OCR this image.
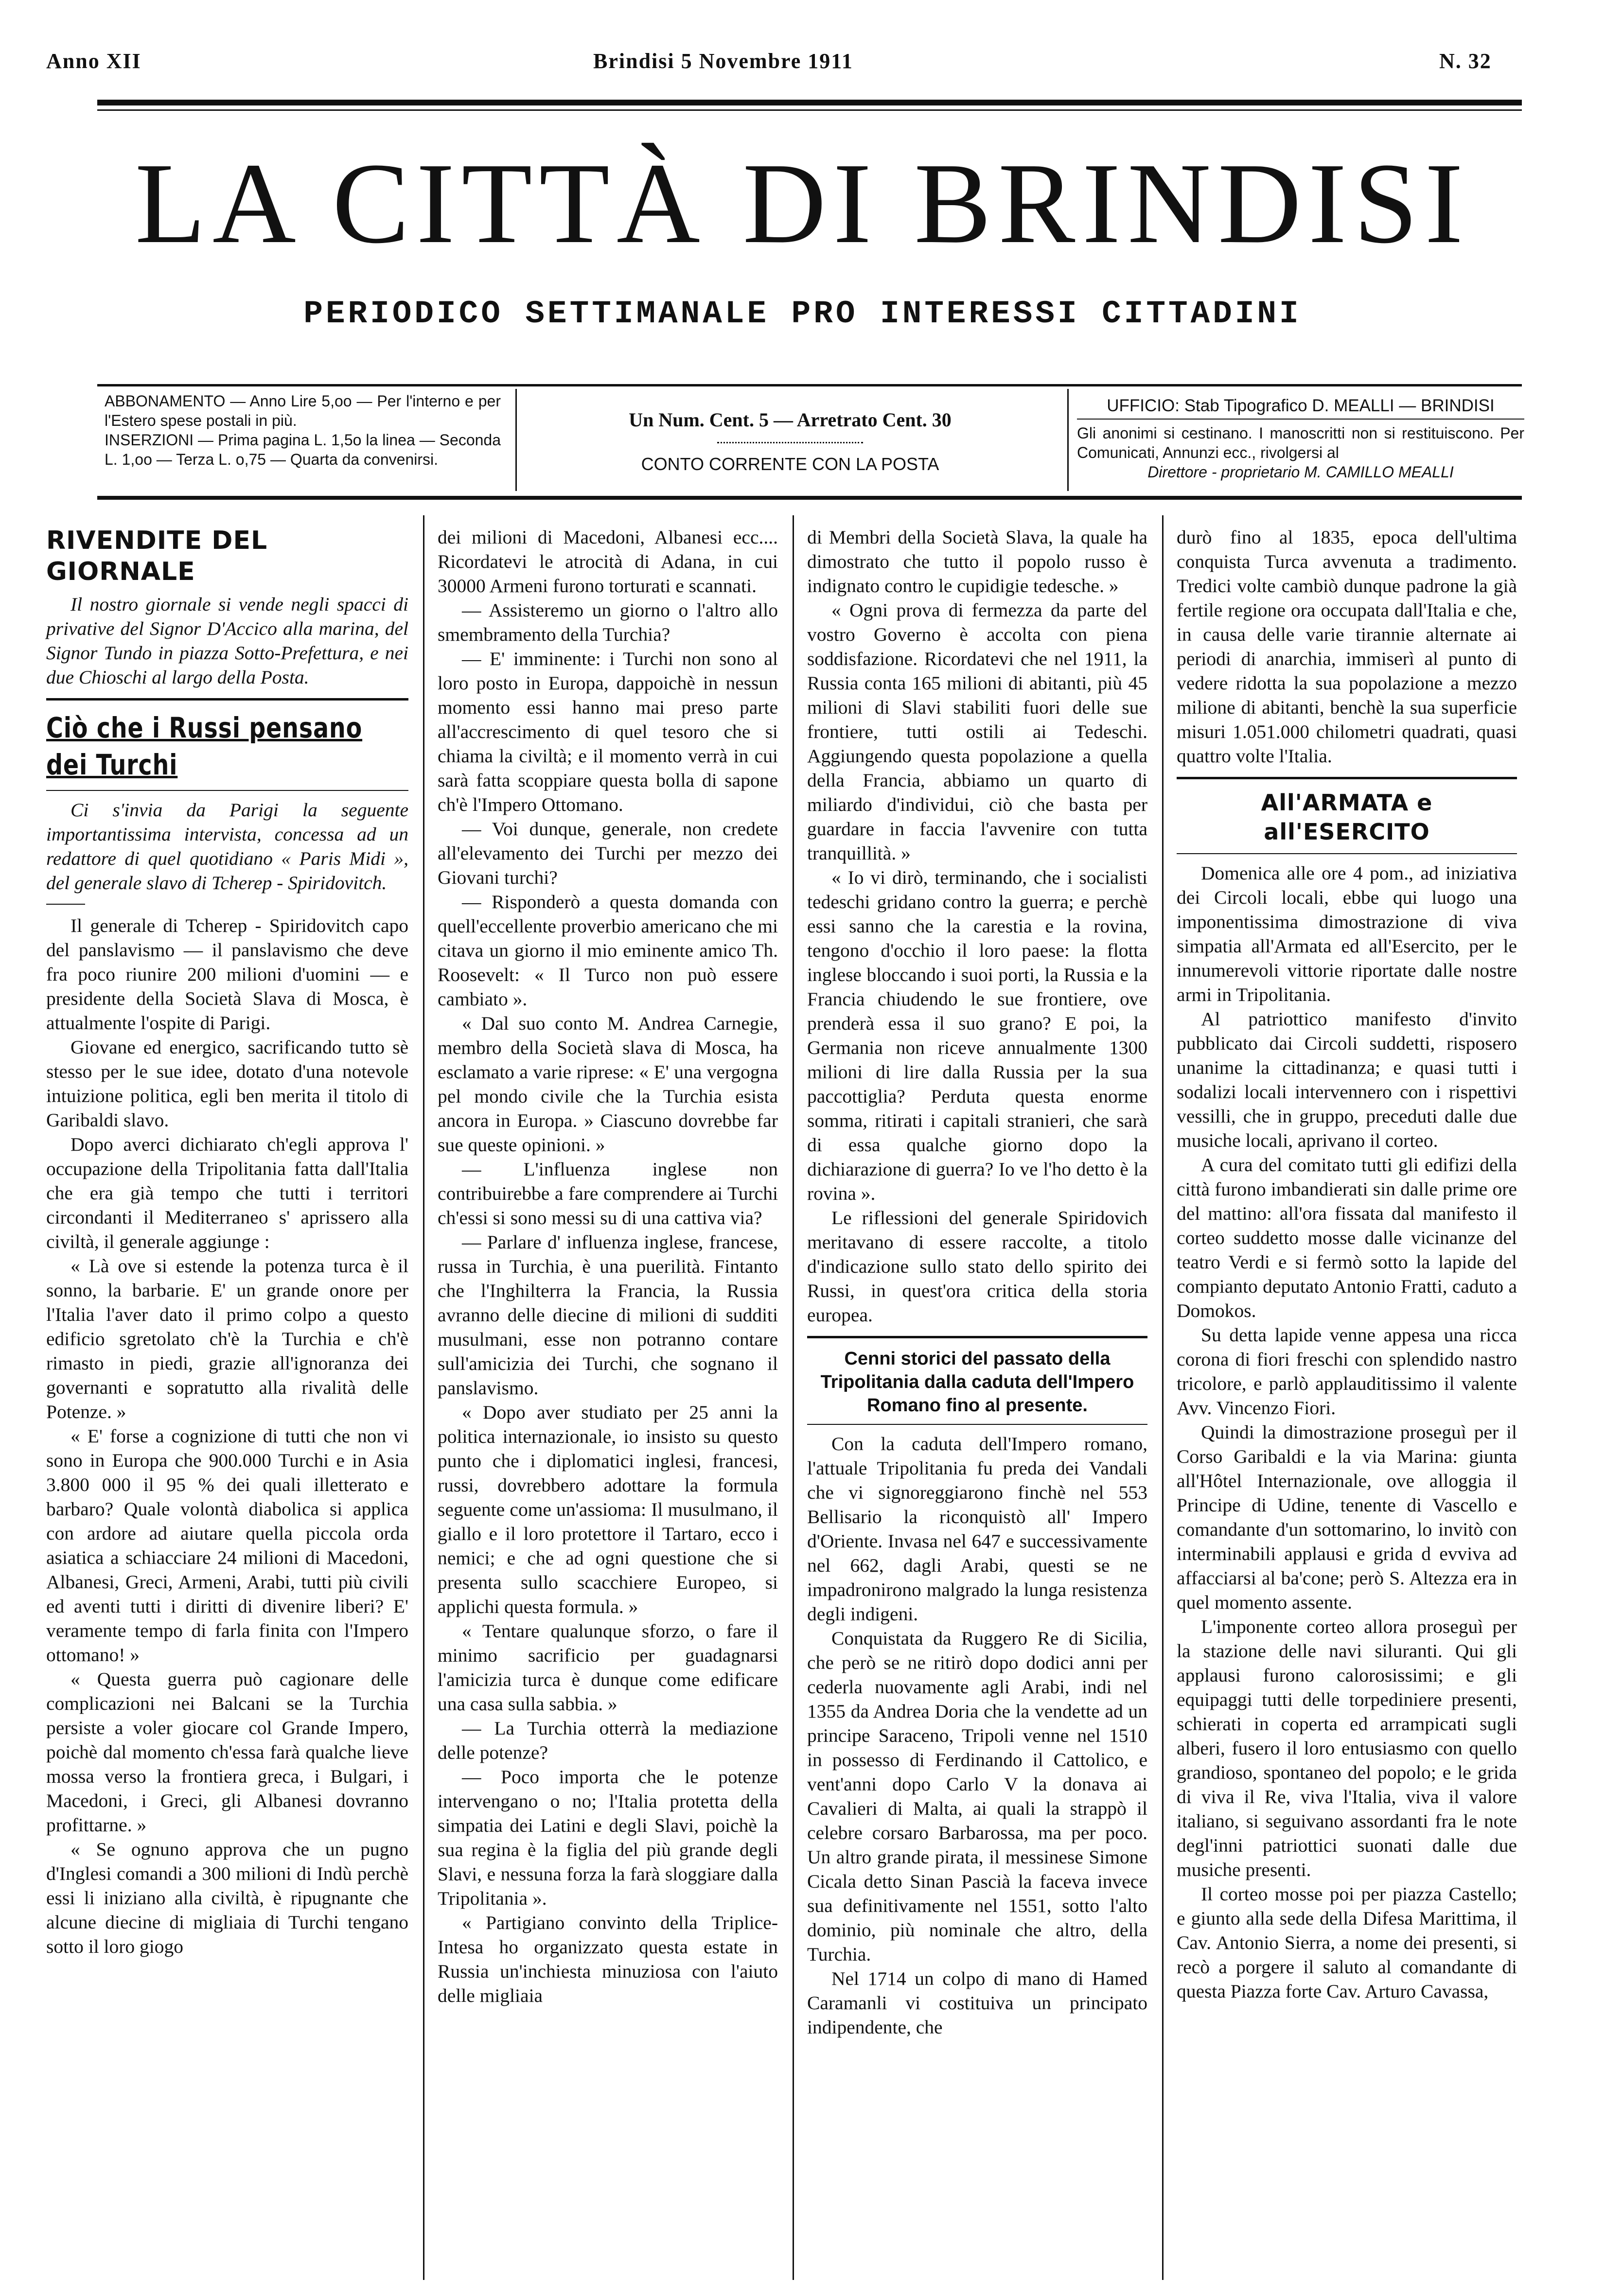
Anno XII	Brindisi 5 Novembre 1911	N. 32
LA CITTÀ DI BRINDISI
PERIODICO SETTIMANALE PRO INTERESSI CITTADINI

ABBONAMENTO — Anno Lire 5,oo — Per l'interno e per l'Estero spese postali in più.

INSERZIONI — Prima pagina L. 1,5o la linea — Seconda L. 1,oo — Terza L. o,75 — Quarta da convenirsi.

Un Num. Cent. 5 — Arretrato Cent. 30

CONTO CORRENTE CON LA POSTA

UFFICIO: Stab Tipografico D. MEALLI — BRINDISI

Gli anonimi si cestinano. I manoscritti non si restituiscono. Per Comunicati, Annunzi ecc., rivolgersi al

Direttore - proprietario M. CAMILLO MEALLI

RIVENDITE DEL GIORNALE

Il nostro giornale si vende negli spacci di privative del Signor D'Accico alla marina, del Signor Tundo in piazza Sotto-Prefettura, e nei due Chioschi al largo della Posta.

Ciò che i Russi pensano dei Turchi

Ci s'invia da Parigi la seguente importantissima intervista, concessa ad un redattore di quel quotidiano « Paris Midi », del generale slavo di Tcherep - Spiridovitch.

Il generale di Tcherep - Spiridovitch capo del panslavismo — il panslavismo che deve fra poco riunire 200 milioni d'uomini — e presidente della Società Slava di Mosca, è attualmente l'ospite di Parigi.

Giovane ed energico, sacrificando tutto sè stesso per le sue idee, dotato d'una notevole intuizione politica, egli ben merita il titolo di Garibaldi slavo.

Dopo averci dichiarato ch'egli approva l' occupazione della Tripolitania fatta dall'Italia che era già tempo che tutti i territori circondanti il Mediterraneo s' aprissero alla civiltà, il generale aggiunge :

« Là ove si estende la potenza turca è il sonno, la barbarie. E' un grande onore per l'Italia l'aver dato il primo colpo a questo edificio sgretolato ch'è la Turchia e ch'è rimasto in piedi, grazie all'ignoranza dei governanti e sopratutto alla rivalità delle Potenze. »

« E' forse a cognizione di tutti che non vi sono in Europa che 900.000 Turchi e in Asia 3.800 000 il 95 % dei quali illetterato e barbaro? Quale volontà diabolica si applica con ardore ad aiutare quella piccola orda asiatica a schiacciare 24 milioni di Macedoni, Albanesi, Greci, Armeni, Arabi, tutti più civili ed aventi tutti i diritti di divenire liberi? E' veramente tempo di farla finita con l'Impero ottomano! »

« Questa guerra può cagionare delle complicazioni nei Balcani se la Turchia persiste a voler giocare col Grande Impero, poichè dal momento ch'essa farà qualche lieve mossa verso la frontiera greca, i Bulgari, i Macedoni, i Greci, gli Albanesi dovranno profittarne. »

« Se ognuno approva che un pugno d'Inglesi comandi a 300 milioni di Indù perchè essi li iniziano alla civiltà, è ripugnante che alcune diecine di migliaia di Turchi tengano sotto il loro giogo

dei milioni di Macedoni, Albanesi ecc.... Ricordatevi le atrocità di Adana, in cui 30000 Armeni furono torturati e scannati.

— Assisteremo un giorno o l'altro allo smembramento della Turchia?

— E' imminente: i Turchi non sono al loro posto in Europa, dappoichè in nessun momento essi hanno mai preso parte all'accrescimento di quel tesoro che si chiama la civiltà; e il momento verrà in cui sarà fatta scoppiare questa bolla di sapone ch'è l'Impero Ottomano.

— Voi dunque, generale, non credete all'elevamento dei Turchi per mezzo dei Giovani turchi?

— Risponderò a questa domanda con quell'eccellente proverbio americano che mi citava un giorno il mio eminente amico Th. Roosevelt: « Il Turco non può essere cambiato ».

« Dal suo conto M. Andrea Carnegie, membro della Società slava di Mosca, ha esclamato a varie riprese: « E' una vergogna pel mondo civile che la Turchia esista ancora in Europa. » Ciascuno dovrebbe far sue queste opinioni. »

— L'influenza inglese non contribuirebbe a fare comprendere ai Turchi ch'essi si sono messi su di una cattiva via?

— Parlare d' influenza inglese, francese, russa in Turchia, è una puerilità. Fintanto che l'Inghilterra la Francia, la Russia avranno delle diecine di milioni di sudditi musulmani, esse non potranno contare sull'amicizia dei Turchi, che sognano il panslavismo.

« Dopo aver studiato per 25 anni la politica internazionale, io insisto su questo punto che i diplomatici inglesi, francesi, russi, dovrebbero adottare la formula seguente come un'assioma: Il musulmano, il giallo e il loro protettore il Tartaro, ecco i nemici; e che ad ogni questione che si presenta sullo scacchiere Europeo, si applichi questa formula. »

« Tentare qualunque sforzo, o fare il minimo sacrificio per guadagnarsi l'amicizia turca è dunque come edificare una casa sulla sabbia. »

— La Turchia otterrà la mediazione delle potenze?

— Poco importa che le potenze intervengano o no; l'Italia protetta della simpatia dei Latini e degli Slavi, poichè la sua regina è la figlia del più grande degli Slavi, e nessuna forza la farà sloggiare dalla Tripolitania ».

« Partigiano convinto della Triplice-Intesa ho organizzato questa estate in Russia un'inchiesta minuziosa con l'aiuto delle migliaia

di Membri della Società Slava, la quale ha dimostrato che tutto il popolo russo è indignato contro le cupidigie tedesche. »

« Ogni prova di fermezza da parte del vostro Governo è accolta con piena soddisfazione. Ricordatevi che nel 1911, la Russia conta 165 milioni di abitanti, più 45 milioni di Slavi stabiliti fuori delle sue frontiere, tutti ostili ai Tedeschi. Aggiungendo questa popolazione a quella della Francia, abbiamo un quarto di miliardo d'individui, ciò che basta per guardare in faccia l'avvenire con tutta tranquillità. »

« Io vi dirò, terminando, che i socialisti tedeschi gridano contro la guerra; e perchè essi sanno che la carestia e la rovina, tengono d'occhio il loro paese: la flotta inglese bloccando i suoi porti, la Russia e la Francia chiudendo le sue frontiere, ove prenderà essa il suo grano? E poi, la Germania non riceve annualmente 1300 milioni di lire dalla Russia per la sua paccottiglia? Perduta questa enorme somma, ritirati i capitali stranieri, che sarà di essa qualche giorno dopo la dichiarazione di guerra? Io ve l'ho detto è la rovina ».

Le riflessioni del generale Spiridovich meritavano di essere raccolte, a titolo d'indicazione sullo stato dello spirito dei Russi, in quest'ora critica della storia europea.

Cenni storici del passato della Tripolitania dalla caduta dell'Impero Romano fino al presente.

Con la caduta dell'Impero romano, l'attuale Tripolitania fu preda dei Vandali che vi signoreggiarono finchè nel 553 Bellisario la riconquistò all' Impero d'Oriente. Invasa nel 647 e successivamente nel 662, dagli Arabi, questi se ne impadronirono malgrado la lunga resistenza degli indigeni.

Conquistata da Ruggero Re di Sicilia, che però se ne ritirò dopo dodici anni per cederla nuovamente agli Arabi, indi nel 1355 da Andrea Doria che la vendette ad un principe Saraceno, Tripoli venne nel 1510 in possesso di Ferdinando il Cattolico, e vent'anni dopo Carlo V la donava ai Cavalieri di Malta, ai quali la strappò il celebre corsaro Barbarossa, ma per poco. Un altro grande pirata, il messinese Simone Cicala detto Sinan Pascià la faceva invece sua definitivamente nel 1551, sotto l'alto dominio, più nominale che altro, della Turchia.

Nel 1714 un colpo di mano di Hamed Caramanli vi costituiva un principato indipendente, che

durò fino al 1835, epoca dell'ultima conquista Turca avvenuta a tradimento. Tredici volte cambiò dunque padrone la già fertile regione ora occupata dall'Italia e che, in causa delle varie tirannie alternate ai periodi di anarchia, immiserì al punto di vedere ridotta la sua popolazione a mezzo milione di abitanti, benchè la sua superficie misuri 1.051.000 chilometri quadrati, quasi quattro volte l'Italia.

All'ARMATA e all'ESERCITO

Domenica alle ore 4 pom., ad iniziativa dei Circoli locali, ebbe qui luogo una imponentissima dimostrazione di viva simpatia all'Armata ed all'Esercito, per le innumerevoli vittorie riportate dalle nostre armi in Tripolitania.

Al patriottico manifesto d'invito pubblicato dai Circoli suddetti, risposero unanime la cittadinanza; e quasi tutti i sodalizi locali intervennero con i rispettivi vessilli, che in gruppo, preceduti dalle due musiche locali, aprivano il corteo.

A cura del comitato tutti gli edifizi della città furono imbandierati sin dalle prime ore del mattino: all'ora fissata dal manifesto il corteo suddetto mosse dalle vicinanze del teatro Verdi e si fermò sotto la lapide del compianto deputato Antonio Fratti, caduto a Domokos.

Su detta lapide venne appesa una ricca corona di fiori freschi con splendido nastro tricolore, e parlò applauditissimo il valente Avv. Vincenzo Fiori.

Quindi la dimostrazione proseguì per il Corso Garibaldi e la via Marina: giunta all'Hôtel Internazionale, ove alloggia il Principe di Udine, tenente di Vascello e comandante d'un sottomarino, lo invitò con interminabili applausi e grida d evviva ad affacciarsi al ba'cone; però S. Altezza era in quel momento assente.

L'imponente corteo allora proseguì per la stazione delle navi siluranti. Qui gli applausi furono calorosissimi; e gli equipaggi tutti delle torpediniere presenti, schierati in coperta ed arrampicati sugli alberi, fusero il loro entusiasmo con quello grandioso, spontaneo del popolo; e le grida di viva il Re, viva l'Italia, viva il valore italiano, si seguivano assordanti fra le note degl'inni patriottici suonati dalle due musiche presenti.

Il corteo mosse poi per piazza Castello; e giunto alla sede della Difesa Marittima, il Cav. Antonio Sierra, a nome dei presenti, si recò a porgere il saluto al comandante di questa Piazza forte Cav. Arturo Cavassa,
